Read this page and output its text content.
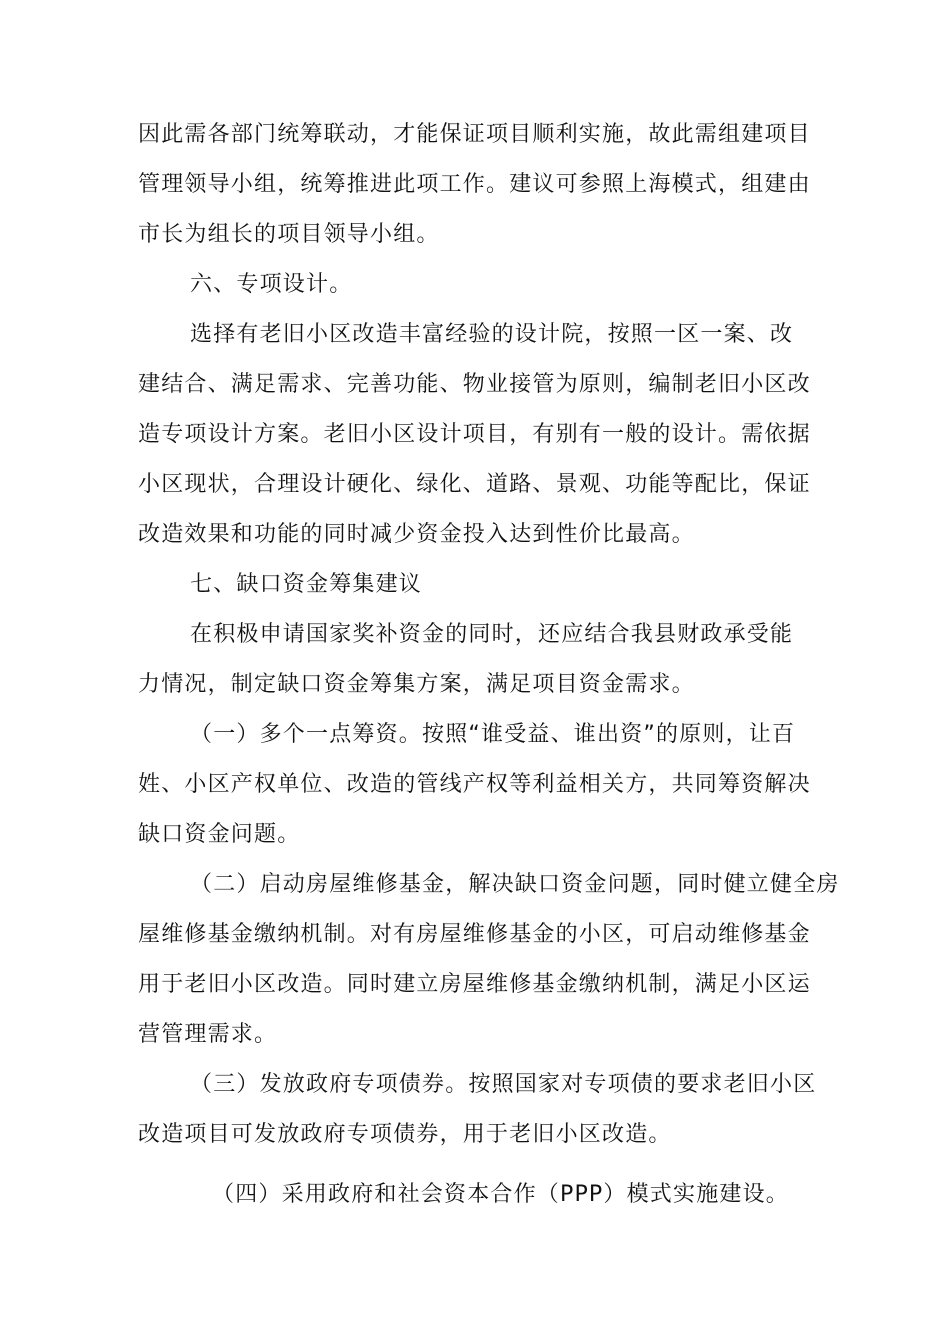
因此需各部门统筹联动，才能保证项目顺利实施，故此需组建项目
管理领导小组，统筹推进此项工作。建议可参照上海模式，组建由
市长为组长的项目领导小组。
六、专项设计。
选择有老旧小区改造丰富经验的设计院，按照一区一案、改
建结合、满足需求、完善功能、物业接管为原则，编制老旧小区改
造专项设计方案。老旧小区设计项目，有别有一般的设计。需依据
小区现状，合理设计硬化、绿化、道路、景观、功能等配比，保证
改造效果和功能的同时减少资金投入达到性价比最高。
七、缺口资金筹集建议
在积极申请国家奖补资金的同时，还应结合我县财政承受能
力情况，制定缺口资金筹集方案，满足项目资金需求。
（一）多个一点筹资。按照“谁受益、谁出资”的原则，让百
姓、小区产权单位、改造的管线产权等利益相关方，共同筹资解决
缺口资金问题。
（二）启动房屋维修基金，解决缺口资金问题，同时健立健全房
屋维修基金缴纳机制。对有房屋维修基金的小区，可启动维修基金
用于老旧小区改造。同时建立房屋维修基金缴纳机制，满足小区运
营管理需求。
（三）发放政府专项债券。按照国家对专项债的要求老旧小区
改造项目可发放政府专项债券，用于老旧小区改造。
（四）采用政府和社会资本合作（PPP）模式实施建设。
